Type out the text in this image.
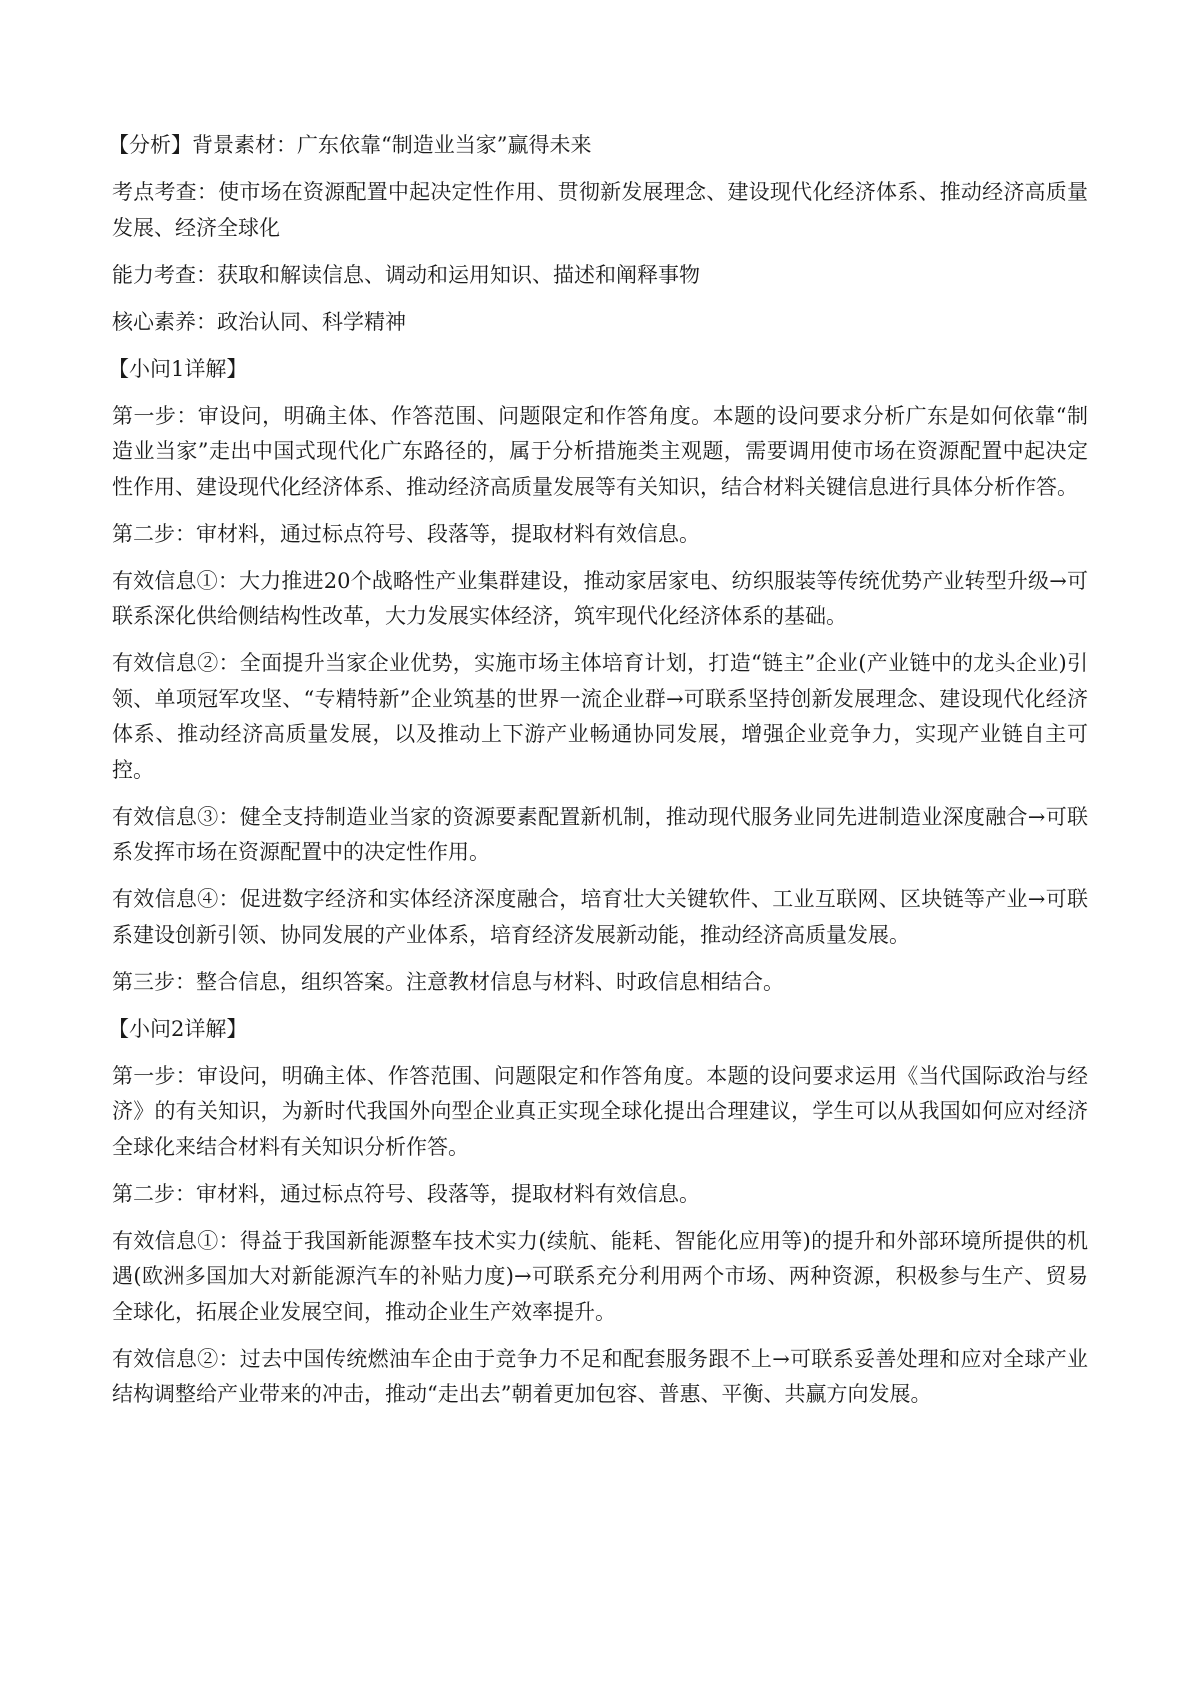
【分析】背景素材：广东依靠“制造业当家”赢得未来

考点考查：使市场在资源配置中起决定性作用、贯彻新发展理念、建设现代化经济体系、推动经济高质量发展、经济全球化

能力考查：获取和解读信息、调动和运用知识、描述和阐释事物

核心素养：政治认同、科学精神

【小问1详解】

第一步：审设问，明确主体、作答范围、问题限定和作答角度。本题的设问要求分析广东是如何依靠“制造业当家”走出中国式现代化广东路径的，属于分析措施类主观题，需要调用使市场在资源配置中起决定性作用、建设现代化经济体系、推动经济高质量发展等有关知识，结合材料关键信息进行具体分析作答。

第二步：审材料，通过标点符号、段落等，提取材料有效信息。

有效信息①：大力推进20个战略性产业集群建设，推动家居家电、纺织服装等传统优势产业转型升级→可联系深化供给侧结构性改革，大力发展实体经济，筑牢现代化经济体系的基础。

有效信息②：全面提升当家企业优势，实施市场主体培育计划，打造“链主”企业(产业链中的龙头企业)引领、单项冠军攻坚、“专精特新”企业筑基的世界一流企业群→可联系坚持创新发展理念、建设现代化经济体系、推动经济高质量发展，以及推动上下游产业畅通协同发展，增强企业竞争力，实现产业链自主可控。

有效信息③：健全支持制造业当家的资源要素配置新机制，推动现代服务业同先进制造业深度融合→可联系发挥市场在资源配置中的决定性作用。

有效信息④：促进数字经济和实体经济深度融合，培育壮大关键软件、工业互联网、区块链等产业→可联系建设创新引领、协同发展的产业体系，培育经济发展新动能，推动经济高质量发展。

第三步：整合信息，组织答案。注意教材信息与材料、时政信息相结合。

【小问2详解】

第一步：审设问，明确主体、作答范围、问题限定和作答角度。本题的设问要求运用《当代国际政治与经济》的有关知识，为新时代我国外向型企业真正实现全球化提出合理建议，学生可以从我国如何应对经济全球化来结合材料有关知识分析作答。

第二步：审材料，通过标点符号、段落等，提取材料有效信息。

有效信息①：得益于我国新能源整车技术实力(续航、能耗、智能化应用等)的提升和外部环境所提供的机遇(欧洲多国加大对新能源汽车的补贴力度)→可联系充分利用两个市场、两种资源，积极参与生产、贸易全球化，拓展企业发展空间，推动企业生产效率提升。

有效信息②：过去中国传统燃油车企由于竞争力不足和配套服务跟不上→可联系妥善处理和应对全球产业结构调整给产业带来的冲击，推动“走出去”朝着更加包容、普惠、平衡、共赢方向发展。
